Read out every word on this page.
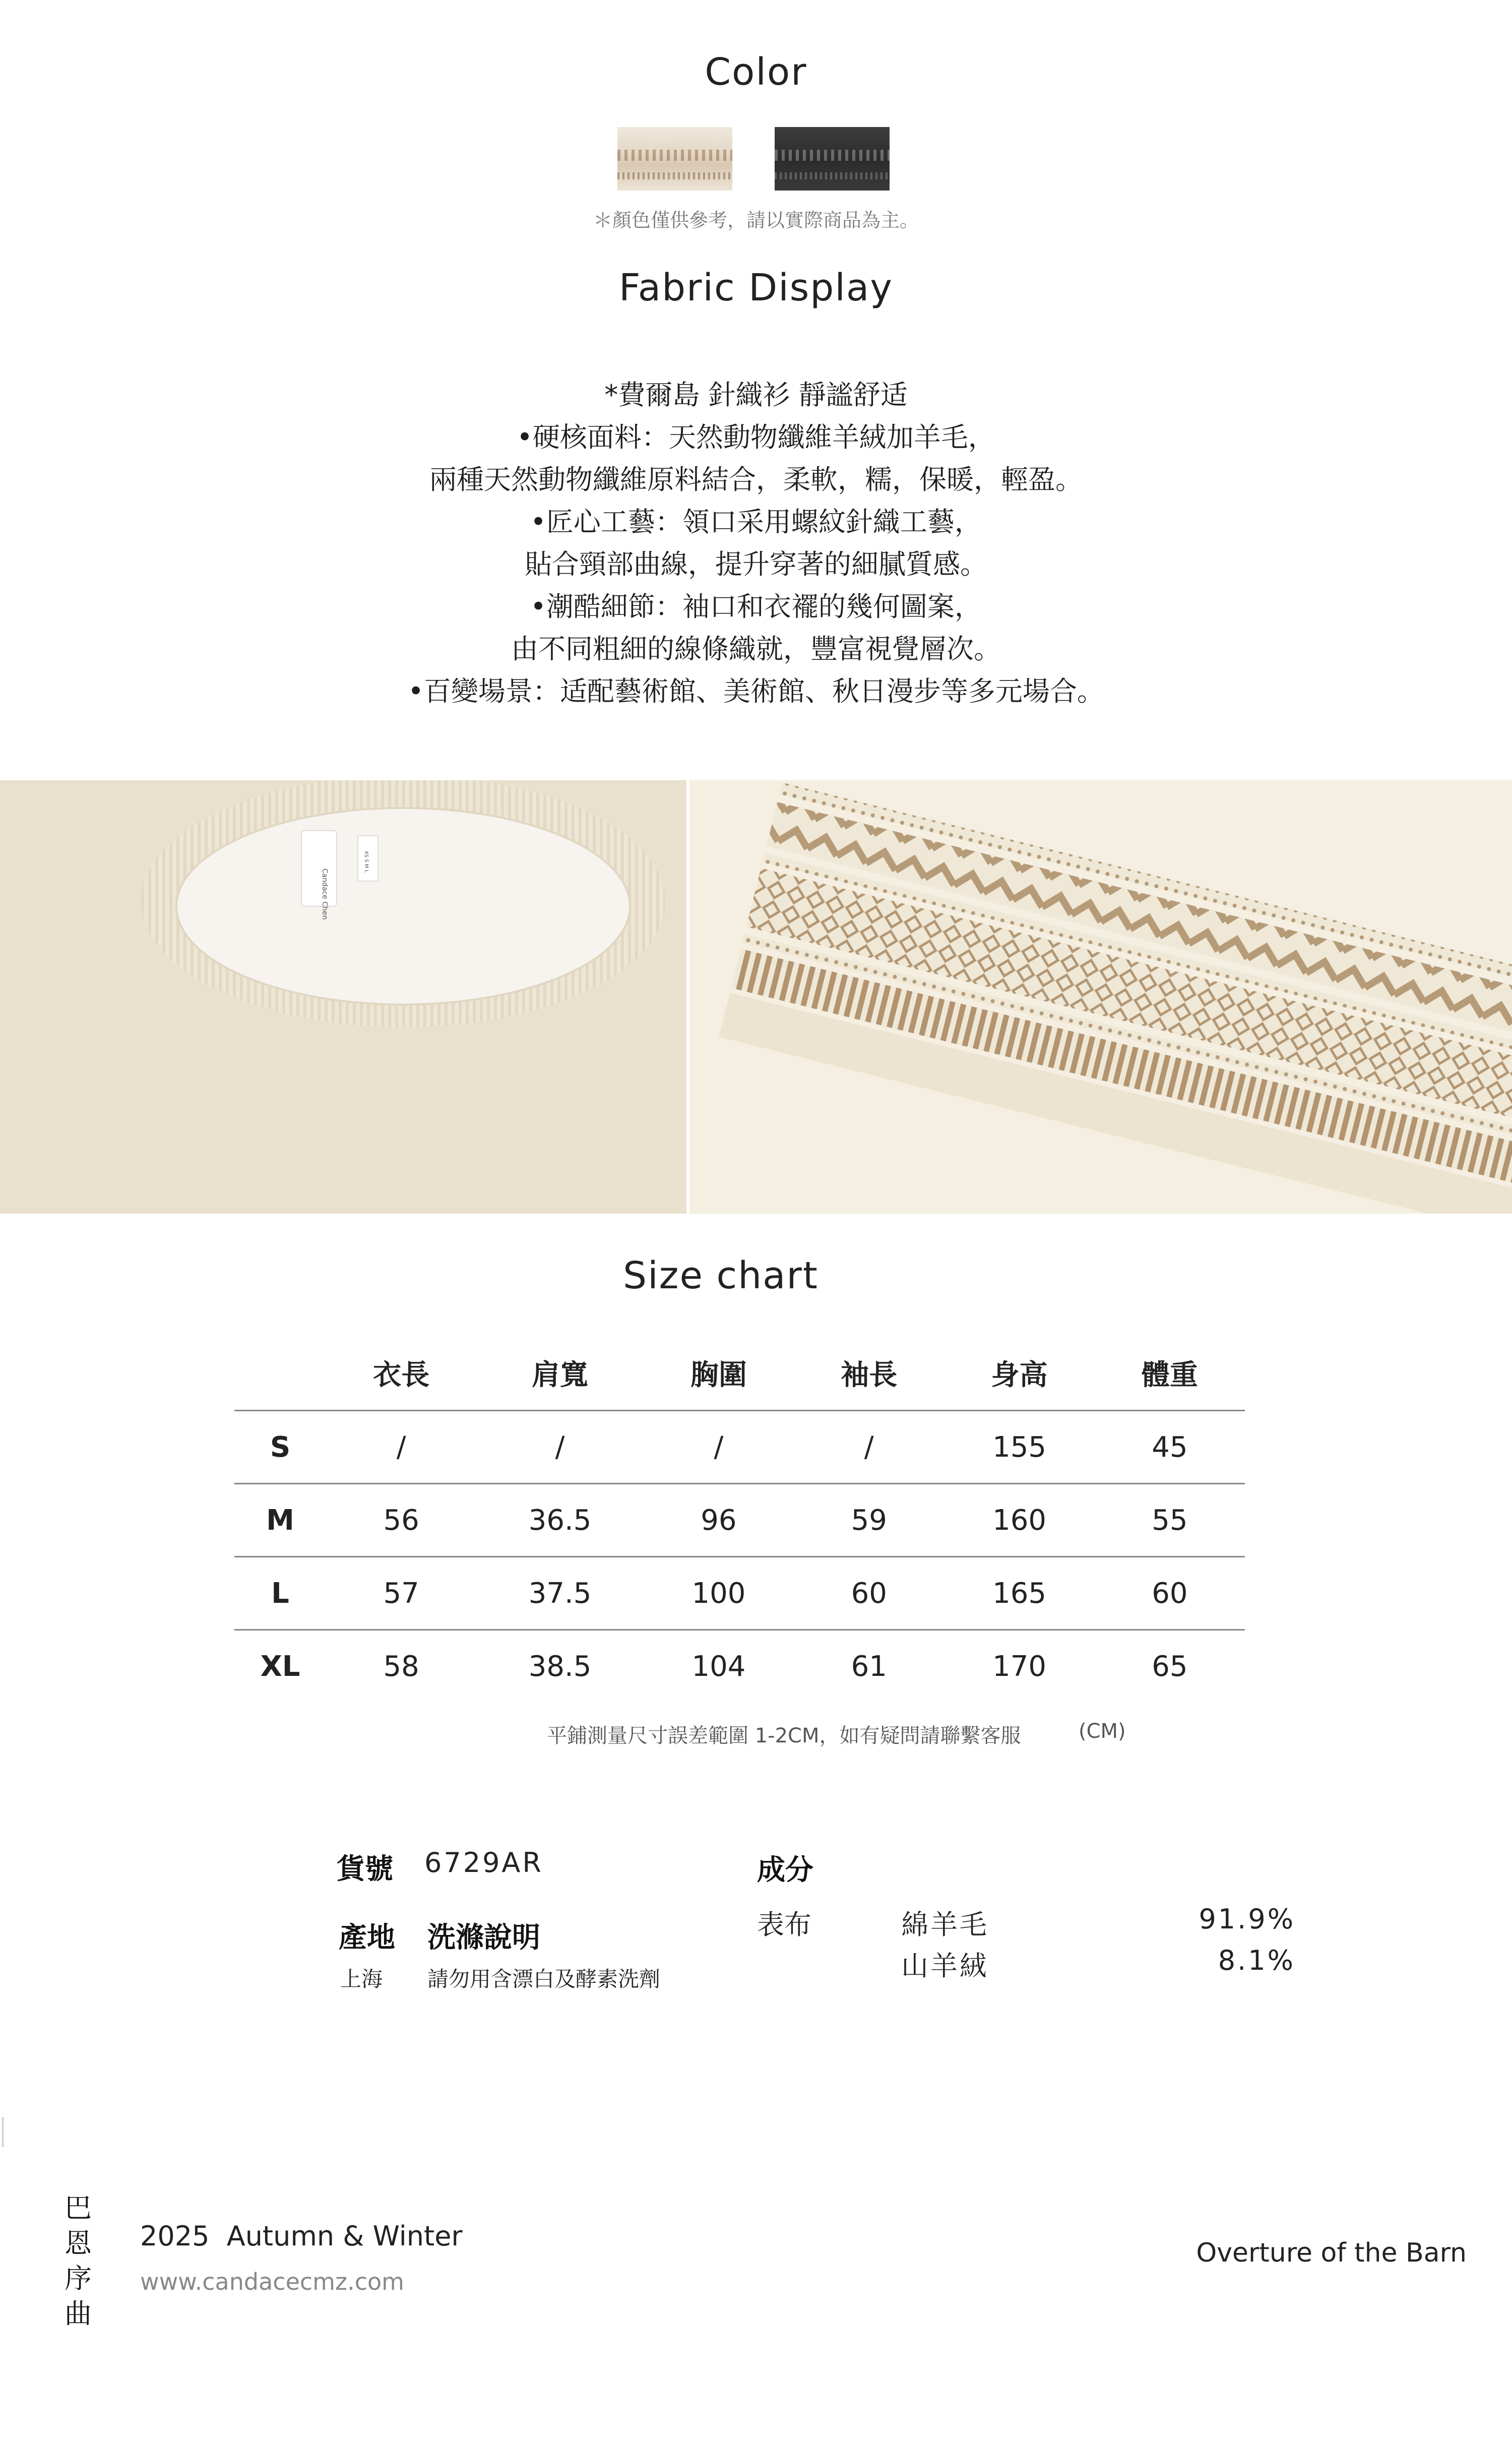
Color
＊顏色僅供參考，請以實際商品為主。
Fabric Display
*費爾島 針織衫 靜謐舒适
•硬核面料：天然動物纖維羊絨加羊毛，
兩種天然動物纖維原料結合，柔軟，糯，保暖，輕盈。
•匠心工藝：領口采用螺紋針織工藝，
貼合頸部曲線，提升穿著的細膩質感。
•潮酷細節：袖口和衣襬的幾何圖案，
由不同粗細的線條織就，豐富視覺層次。
•百變場景：适配藝術館、美術館、秋日漫步等多元場合。
Candace Chen
XS S M L
Size chart
	衣長	肩寬	胸圍	袖長	身高	體重
S	/	/	/	/	155	45
M	56	36.5	96	59	160	55
L	57	37.5	100	60	165	60
XL	58	38.5	104	61	170	65
平鋪測量尺寸誤差範圍 1-2CM，如有疑問請聯繫客服	(CM)
貨號 6729AR
產地 洗滌說明
上海 請勿用含漂白及酵素洗劑
成分
表布	綿羊毛	91.9%
山羊絨	8.1%
巴
恩
序
曲
2025  Autumn & Winter
www.candacecmz.com
Overture of the Barn
